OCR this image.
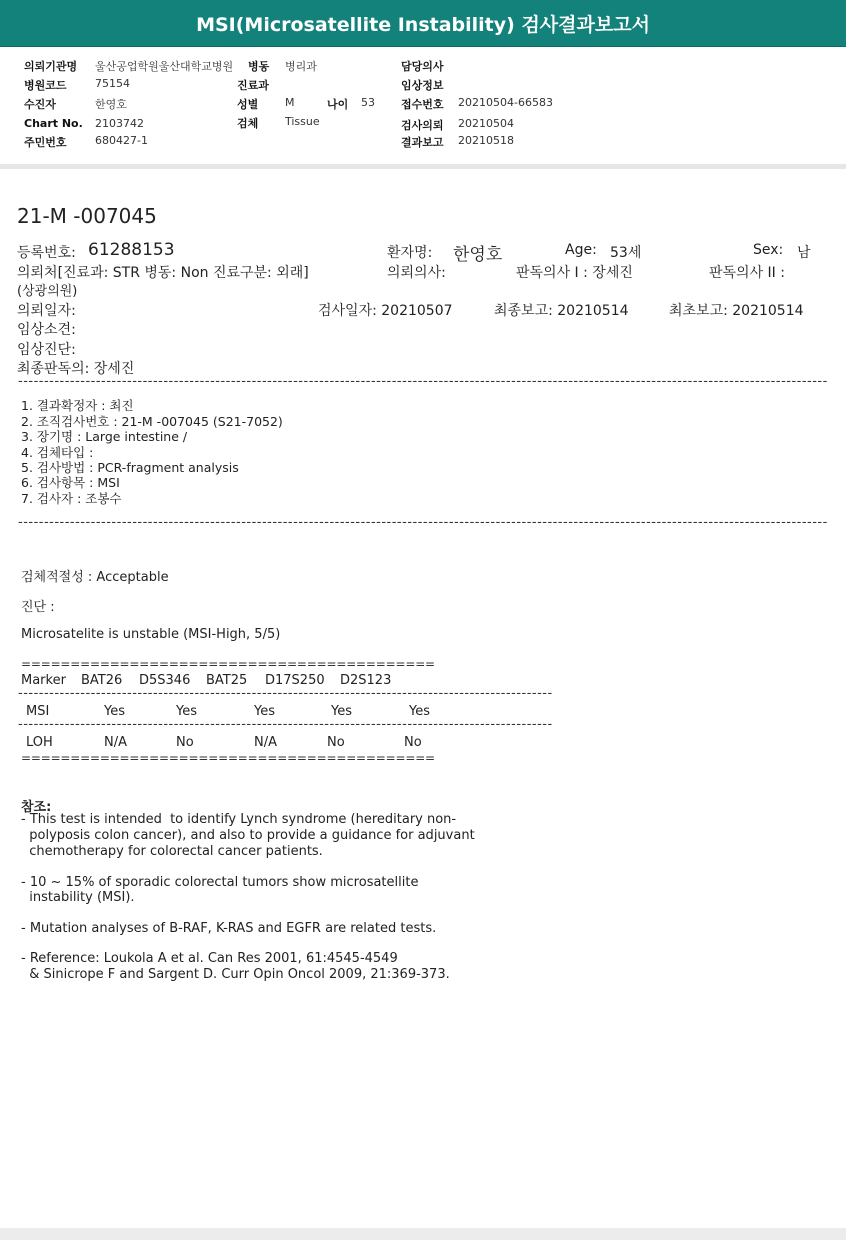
MSI(Microsatellite Instability) 검사결과보고서
의뢰기관명 울산공업학원울산대학교병원 병동 병리과	담당의사
병원코드	75154	진료과	임상정보
수진자	한영호	성별 M	나이 53 접수번호 20210504-66583
Chart No. 2103742	검체 Tissue	검사의뢰 20210504
주민번호	680427-1	결과보고 20210518
21-M -007045
등록번호: 61288153	환자명: 한영호	Age: 53세	Sex: 남
의뢰처[진료과: STR 병동: Non 진료구분: 외래]	의뢰의사:	판독의사 I : 장세진	판독의사 II :
(상광의원)
의뢰일자:	검사일자: 20210507	최종보고: 20210514	최초보고: 20210514
임상소견:
임상진단:
최종판독의: 장세진
------------------------------------------------------------------------------------------------------------------------------------------------------------
1. 결과확정자 : 최진
2. 조직검사번호 : 21-M -007045 (S21-7052)
3. 장기명 : Large intestine /
4. 검체타입 :
5. 검사방법 : PCR-fragment analysis
6. 검사항목 : MSI
7. 검사자 : 조봉수
------------------------------------------------------------------------------------------------------------------------------------------------------------
검체적절성 : Acceptable
진단 :
Microsatelite is unstable (MSI-High, 5/5)
==========================================
Marker BAT26 D5S346 BAT25 D17S250 D2S123
-------------------------------------------------------------------------------------------------------
MSI	Yes	Yes	Yes	Yes	Yes
-------------------------------------------------------------------------------------------------------
LOH	N/A	No	N/A	No	No
==========================================
참조:
- This test is intended  to identify Lynch syndrome (hereditary non-
polyposis colon cancer), and also to provide a guidance for adjuvant
chemotherapy for colorectal cancer patients.
- 10 ~ 15% of sporadic colorectal tumors show microsatellite
instability (MSI).
- Mutation analyses of B-RAF, K-RAS and EGFR are related tests.
- Reference: Loukola A et al. Can Res 2001, 61:4545-4549
& Sinicrope F and Sargent D. Curr Opin Oncol 2009, 21:369-373.
